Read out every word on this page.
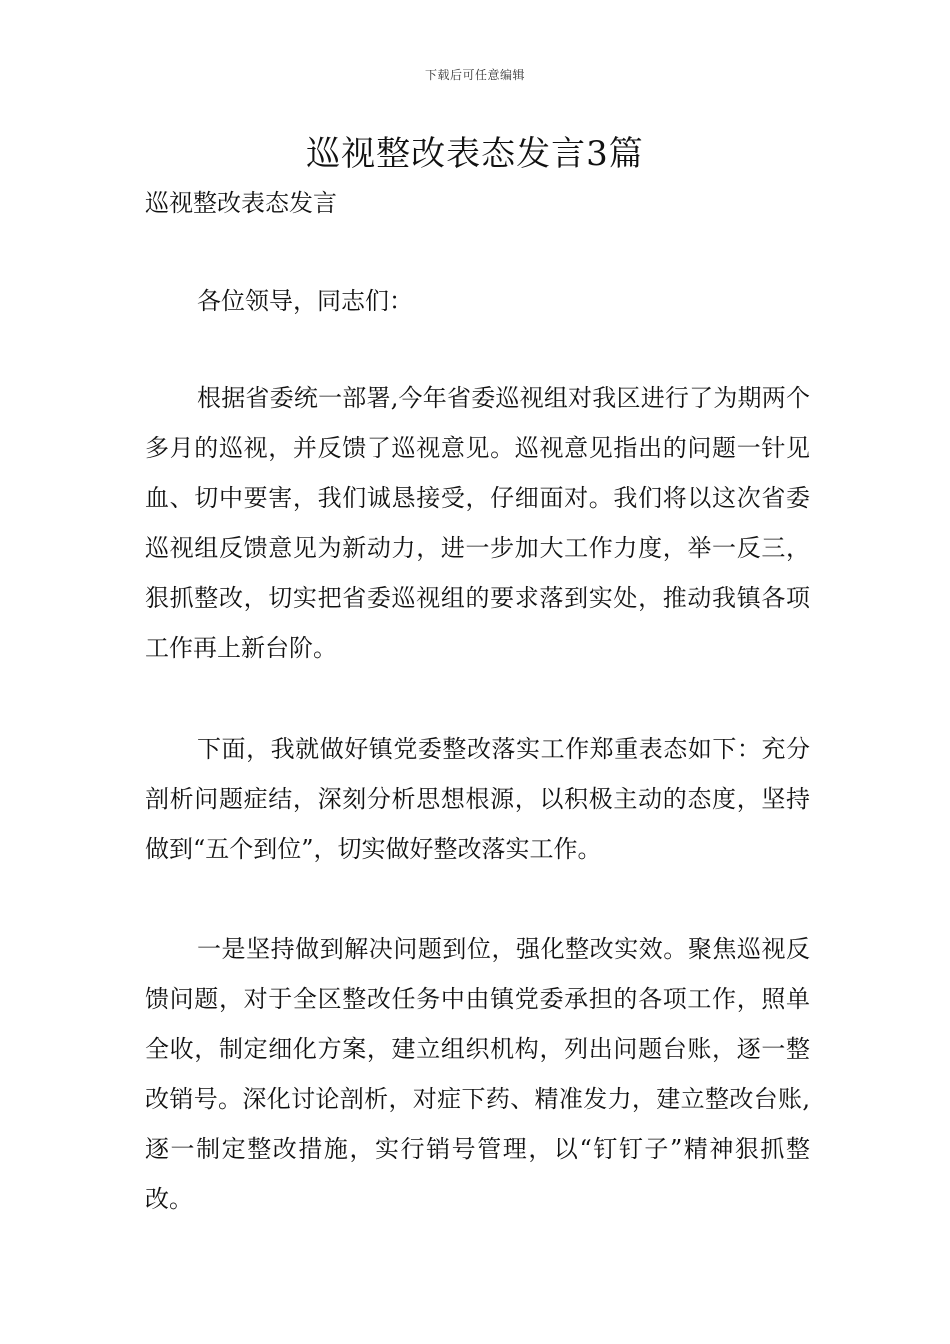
下载后可任意编辑
巡视整改表态发言3篇

巡视整改表态发言

各位领导，同志们：

根据省委统一部署,今年省委巡视组对我区进行了为期两个多月的巡视，并反馈了巡视意见。巡视意见指出的问题一针见血、切中要害，我们诚恳接受，仔细面对。我们将以这次省委巡视组反馈意见为新动力，进一步加大工作力度，举一反三，狠抓整改，切实把省委巡视组的要求落到实处，推动我镇各项工作再上新台阶。

下面，我就做好镇党委整改落实工作郑重表态如下：充分剖析问题症结，深刻分析思想根源，以积极主动的态度，坚持做到“五个到位”，切实做好整改落实工作。

一是坚持做到解决问题到位，强化整改实效。聚焦巡视反馈问题，对于全区整改任务中由镇党委承担的各项工作，照单全收，制定细化方案，建立组织机构，列出问题台账，逐一整改销号。深化讨论剖析，对症下药、精准发力，建立整改台账,逐一制定整改措施，实行销号管理，以“钉钉子”精神狠抓整改。
